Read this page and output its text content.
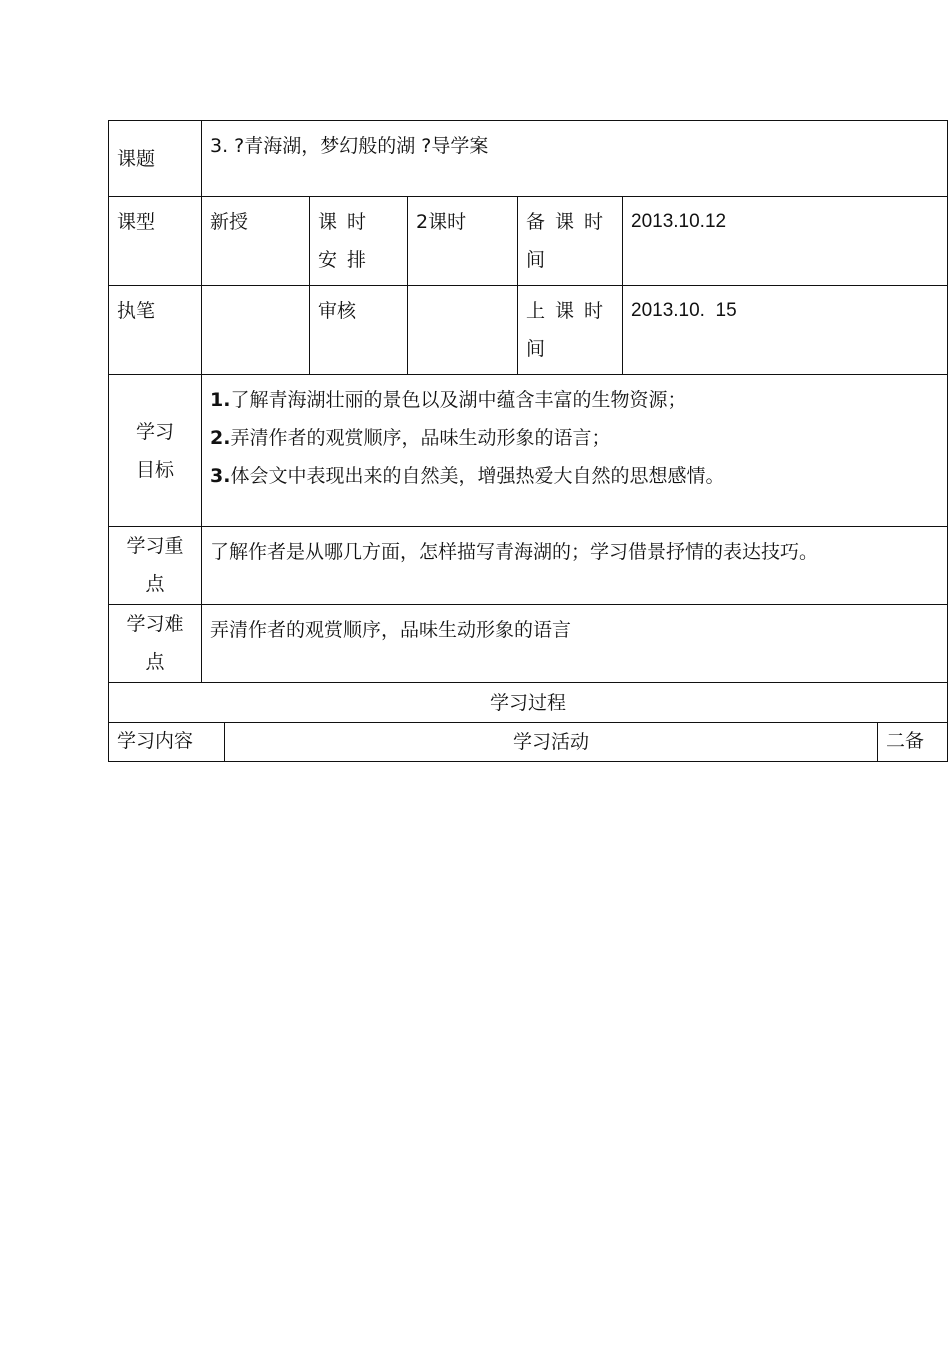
课题	3. ?青海湖，梦幻般的湖 ?导学案				
课型	新授	课时安排	2课时	备课时间	2013.10.12
执笔		审核		上课时间	2013.10.  15
学习目标	1.了解青海湖壮丽的景色以及湖中蕴含丰富的生物资源；
2.弄清作者的观赏顺序，品味生动形象的语言；
3.体会文中表现出来的自然美，增强热爱大自然的思想感情。				

学习重点	了解作者是从哪几方面，怎样描写青海湖的；学习借景抒情的表达技巧。				
学习难点	弄清作者的观赏顺序，品味生动形象的语言				
学习过程					
学习内容	学习活动	二备
